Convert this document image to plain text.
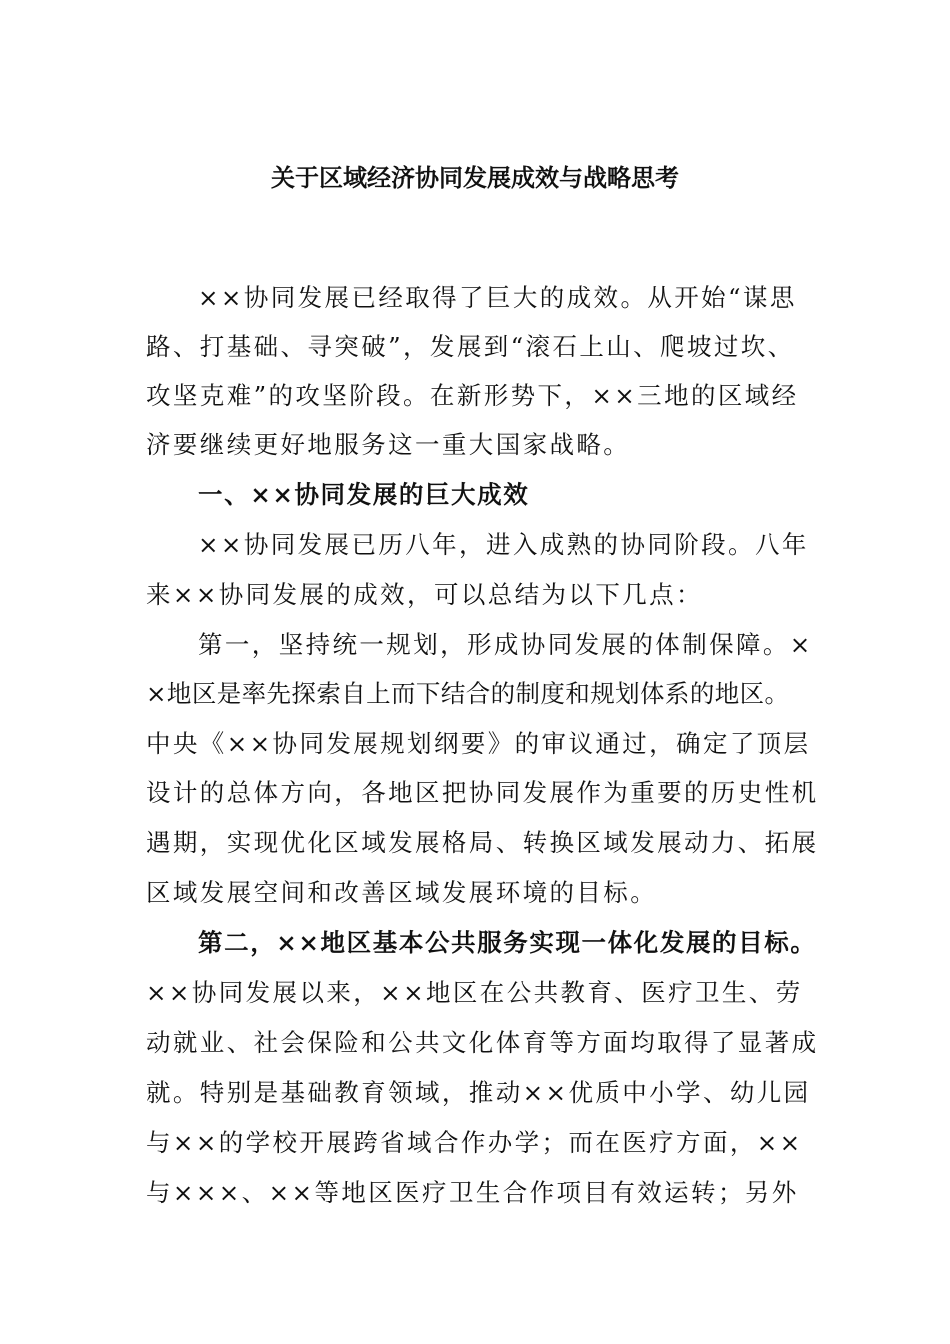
关于区域经济协同发展成效与战略思考
××协同发展已经取得了巨大的成效。从开始“谋思
路、打基础、寻突破”，发展到“滚石上山、爬坡过坎、
攻坚克难”的攻坚阶段。在新形势下，××三地的区域经
济要继续更好地服务这一重大国家战略。
一、××协同发展的巨大成效
××协同发展已历八年，进入成熟的协同阶段。八年
来××协同发展的成效，可以总结为以下几点：
第一，坚持统一规划，形成协同发展的体制保障。×
×地区是率先探索自上而下结合的制度和规划体系的地区。
中央《××协同发展规划纲要》的审议通过，确定了顶层
设计的总体方向，各地区把协同发展作为重要的历史性机
遇期，实现优化区域发展格局、转换区域发展动力、拓展
区域发展空间和改善区域发展环境的目标。
第二，××地区基本公共服务实现一体化发展的目标。
××协同发展以来，××地区在公共教育、医疗卫生、劳
动就业、社会保险和公共文化体育等方面均取得了显著成
就。特别是基础教育领域，推动××优质中小学、幼儿园
与××的学校开展跨省域合作办学；而在医疗方面，××
与×××、××等地区医疗卫生合作项目有效运转；另外
